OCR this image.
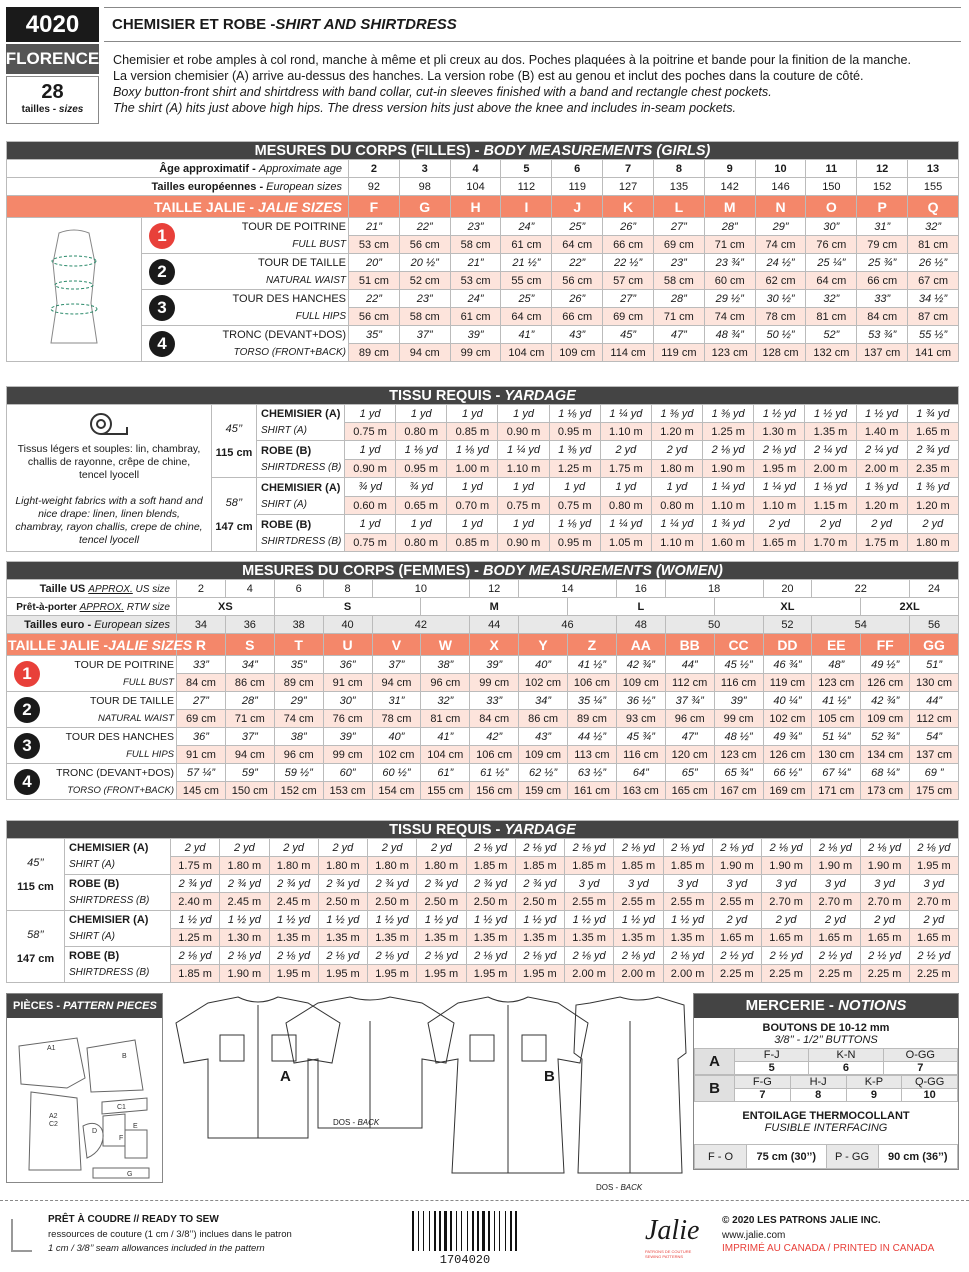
4020
FLORENCE
28
tailles - sizes
CHEMISIER ET ROBE - SHIRT AND SHIRTDRESS
Chemisier et robe amples à col rond, manche à même et pli creux au dos. Poches plaquées à la poitrine et bande pour la finition de la manche.
La version chemisier (A) arrive au-dessus des hanches. La version robe (B) est au genou et inclut des poches dans la couture de côté.
Boxy button-front shirt and shirtdress with band collar, cut-in sleeves finished with a band and rectangle chest pockets.
The shirt (A) hits just above high hips. The dress version hits just above the knee and includes in-seam pockets.
MESURES DU CORPS (FILLES) - BODY MEASUREMENTS (GIRLS)
Âge approximatif - Approximate age	2	3	4	5	6	7	8	9	10	11	12	13
Tailles européennes - European sizes	92	98	104	112	119	127	135	142	146	150	152	155
TAILLE JALIE - JALIE SIZES	F	G	H	I	J	K	L	M	N	O	P	Q

1	TOUR DE POITRINE
FULL BUST
	21”	22”	23”	24”	25”	26”	27”	28”	29”	30”	31”	32”
53 cm	56 cm	58 cm	61 cm	64 cm	66 cm	69 cm	71 cm	74 cm	76 cm	79 cm	81 cm

2	TOUR DE TAILLE
NATURAL WAIST
	20”	20 ½”	21”	21 ½”	22”	22 ½”	23”	23 ¾”	24 ½”	25 ¼”	25 ¾”	26 ½”
51 cm	52 cm	53 cm	55 cm	56 cm	57 cm	58 cm	60 cm	62 cm	64 cm	66 cm	67 cm

3	TOUR DES HANCHES
FULL HIPS
	22”	23”	24”	25”	26”	27”	28”	29 ½”	30 ½”	32”	33”	34 ½”
56 cm	58 cm	61 cm	64 cm	66 cm	69 cm	71 cm	74 cm	78 cm	81 cm	84 cm	87 cm

4	TRONC (DEVANT+DOS)
TORSO (FRONT+BACK)
	35”	37”	39”	41”	43”	45”	47”	48 ¾”	50 ½”	52”	53 ¾”	55 ½”
89 cm	94 cm	99 cm	104 cm	109 cm	114 cm	119 cm	123 cm	128 cm	132 cm	137 cm	141 cm
TISSU REQUIS - YARDAGE														

Tissus légers et souples: lin, chambray, challis de rayonne, crêpe de chine, tencel lyocell

Light-weight fabrics with a soft hand and nice drape: linen, linen blends, chambray, rayon challis, crepe de chine, tencel lyocell	45’’

115 cm	CHEMISIER (A)
SHIRT (A)	1 yd	1 yd	1 yd	1 yd	1 ⅛ yd	1 ¼ yd	1 ⅜ yd	1 ⅜ yd	1 ½ yd	1 ½ yd	1 ½ yd	1 ¾ yd
			0.75 m	0.80 m	0.85 m	0.90 m	0.95 m	1.10 m	1.20 m	1.25 m	1.30 m	1.35 m	1.40 m	1.65 m
		ROBE (B)
SHIRTDRESS (B)	1 yd	1 ⅛ yd	1 ⅛ yd	1 ¼ yd	1 ⅜ yd	2 yd	2 yd	2 ⅛ yd	2 ⅛ yd	2 ¼ yd	2 ¼ yd	2 ¾ yd
			0.90 m	0.95 m	1.00 m	1.10 m	1.25 m	1.75 m	1.80 m	1.90 m	1.95 m	2.00 m	2.00 m	2.35 m
	58’’

147 cm	CHEMISIER (A)
SHIRT (A)	¾ yd	¾ yd	1 yd	1 yd	1 yd	1 yd	1 yd	1 ¼ yd	1 ¼ yd	1 ⅛ yd	1 ⅜ yd	1 ⅜ yd
			0.60 m	0.65 m	0.70 m	0.75 m	0.75 m	0.80 m	0.80 m	1.10 m	1.10 m	1.15 m	1.20 m	1.20 m
		ROBE (B)
SHIRTDRESS (B)	1 yd	1 yd	1 yd	1 yd	1 ⅛ yd	1 ¼ yd	1 ¼ yd	1 ¾ yd	2 yd	2 yd	2 yd	2 yd
			0.75 m	0.80 m	0.85 m	0.90 m	0.95 m	1.05 m	1.10 m	1.60 m	1.65 m	1.70 m	1.75 m	1.80 m
MESURES DU CORPS (FEMMES) - BODY MEASUREMENTS (WOMEN)
Taille US APPROX. US size	2	4	6	8	10	12	14	16	18	20	22	24
Prêt-à-porter APPROX. RTW size	XS	S	M	L	XL	2XL
Tailles euro - European sizes	34	36	38	40	42	44	46	48	50	52	54	56
TAILLE JALIE -JALIE SIZES	R	S	T	U	V	W	X	Y	Z	AA	BB	CC	DD	EE	FF	GG

1	TOUR DE POITRINE
FULL BUST
	33”	34”	35”	36”	37”	38”	39”	40”	41 ½”	42 ¾”	44”	45 ½”	46 ¾”	48”	49 ½”	51”
84 cm	86 cm	89 cm	91 cm	94 cm	96 cm	99 cm	102 cm	106 cm	109 cm	112 cm	116 cm	119 cm	123 cm	126 cm	130 cm

2	TOUR DE TAILLE
NATURAL WAIST
	27”	28”	29”	30”	31”	32”	33”	34”	35 ¼”	36 ½”	37 ¾”	39”	40 ¼”	41 ½”	42 ¾”	44”
69 cm	71 cm	74 cm	76 cm	78 cm	81 cm	84 cm	86 cm	89 cm	93 cm	96 cm	99 cm	102 cm	105 cm	109 cm	112 cm

3	TOUR DES HANCHES
FULL HIPS
	36”	37”	38”	39”	40”	41”	42”	43”	44 ½”	45 ¾”	47”	48 ½”	49 ¾”	51 ¼”	52 ¾”	54”
91 cm	94 cm	96 cm	99 cm	102 cm	104 cm	106 cm	109 cm	113 cm	116 cm	120 cm	123 cm	126 cm	130 cm	134 cm	137 cm

4	TRONC (DEVANT+DOS)
TORSO (FRONT+BACK)
	57 ¼”	59”	59 ½”	60”	60 ½”	61”	61 ½”	62 ½”	63 ½”	64”	65”	65 ¾”	66 ½”	67 ¼”	68 ¼”	69 ”
145 cm	150 cm	152 cm	153 cm	154 cm	155 cm	156 cm	159 cm	161 cm	163 cm	165 cm	167 cm	169 cm	171 cm	173 cm	175 cm
TISSU REQUIS - YARDAGE																	
45’’

115 cm	CHEMISIER (A)
SHIRT (A)	2 yd	2 yd	2 yd	2 yd	2 yd	2 yd	2 ⅛ yd	2 ⅛ yd	2 ⅛ yd	2 ⅛ yd	2 ⅛ yd	2 ⅛ yd	2 ⅛ yd	2 ⅛ yd	2 ⅛ yd	2 ⅛ yd
		1.75 m	1.80 m	1.80 m	1.80 m	1.80 m	1.80 m	1.85 m	1.85 m	1.85 m	1.85 m	1.85 m	1.90 m	1.90 m	1.90 m	1.90 m	1.95 m
	ROBE (B)
SHIRTDRESS (B)	2 ¾ yd	2 ¾ yd	2 ¾ yd	2 ¾ yd	2 ¾ yd	2 ¾ yd	2 ¾ yd	2 ¾ yd	3 yd	3 yd	3 yd	3 yd	3 yd	3 yd	3 yd	3 yd
		2.40 m	2.45 m	2.45 m	2.50 m	2.50 m	2.50 m	2.50 m	2.50 m	2.55 m	2.55 m	2.55 m	2.55 m	2.70 m	2.70 m	2.70 m	2.70 m
58’’

147 cm	CHEMISIER (A)
SHIRT (A)	1 ½ yd	1 ½ yd	1 ½ yd	1 ½ yd	1 ½ yd	1 ½ yd	1 ½ yd	1 ½ yd	1 ½ yd	1 ½ yd	1 ½ yd	2 yd	2 yd	2 yd	2 yd	2 yd
		1.25 m	1.30 m	1.35 m	1.35 m	1.35 m	1.35 m	1.35 m	1.35 m	1.35 m	1.35 m	1.35 m	1.65 m	1.65 m	1.65 m	1.65 m	1.65 m
	ROBE (B)
SHIRTDRESS (B)	2 ⅛ yd	2 ⅛ yd	2 ⅛ yd	2 ⅛ yd	2 ⅛ yd	2 ⅛ yd	2 ⅛ yd	2 ⅛ yd	2 ⅛ yd	2 ⅛ yd	2 ⅛ yd	2 ½ yd	2 ½ yd	2 ½ yd	2 ½ yd	2 ½ yd
		1.85 m	1.90 m	1.95 m	1.95 m	1.95 m	1.95 m	1.95 m	1.95 m	2.00 m	2.00 m	2.00 m	2.25 m	2.25 m	2.25 m	2.25 m	2.25 m
PIÈCES - PATTERN PIECES
A1
B
C1
A2
C2
F
E
D
G
A	B
DOS - BACK
DOS - BACK
MERCERIE - NOTIONS
BOUTONS DE 10-12 mm
3/8’’ - 1/2’’ BUTTONS
A	F-J	K-N	O-GG
	5	6	7
B	F-G	H-J	K-P	Q-GG
	7	8	9	10
ENTOILAGE THERMOCOLLANT
FUSIBLE INTERFACING
F - O	75 cm (30’’)	P - GG	90 cm (36’’)
PRÊT À COUDRE // READY TO SEW
ressources de couture (1 cm / 3/8’’) inclues dans le patron
1 cm / 3/8’’ seam allowances included in the pattern
1704020
Jalie
PATRONS DE COUTURE SEWING PATTERNS
© 2020 LES PATRONS JALIE INC.
www.jalie.com
IMPRIMÉ AU CANADA / PRINTED IN CANADA
